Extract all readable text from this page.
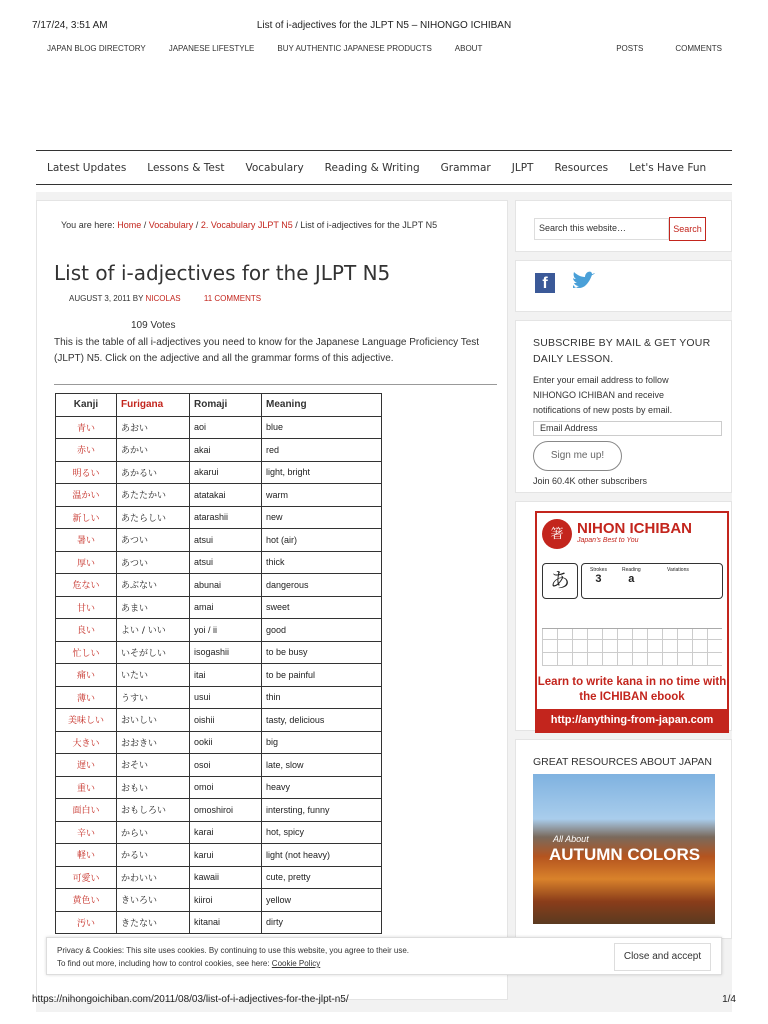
7/17/24, 3:51 AM	List of i-adjectives for the JLPT N5 – NIHONGO ICHIBAN
JAPAN BLOG DIRECTORY	JAPANESE LIFESTYLE	BUY AUTHENTIC JAPANESE PRODUCTS	ABOUT	POSTS	COMMENTS
Latest Updates Lessons & Test Vocabulary Reading & Writing Grammar JLPT Resources Let's Have Fun
You are here: Home / Vocabulary / 2. Vocabulary JLPT N5 / List of i-adjectives for the JLPT N5
List of i-adjectives for the JLPT N5
AUGUST 3, 2011 BY NICOLAS	11 COMMENTS
109 Votes
This is the table of all i-adjectives you need to know for the Japanese Language Proficiency Test (JLPT) N5. Click on the adjective and all the grammar forms of this adjective.
Kanji	Furigana	Romaji	Meaning
青い	あおい	aoi	blue
赤い	あかい	akai	red
明るい	あかるい	akarui	light, bright
温かい	あたたかい	atatakai	warm
新しい	あたらしい	atarashii	new
暑い	あつい	atsui	hot (air)
厚い	あつい	atsui	thick
危ない	あぶない	abunai	dangerous
甘い	あまい	amai	sweet
良い	よい / いい	yoi / ii	good
忙しい	いそがしい	isogashii	to be busy
痛い	いたい	itai	to be painful
薄い	うすい	usui	thin
美味しい	おいしい	oishii	tasty, delicious
大きい	おおきい	ookii	big
遅い	おそい	osoi	late, slow
重い	おもい	omoi	heavy
面白い	おもしろい	omoshiroi	intersting, funny
辛い	からい	karai	hot, spicy
軽い	かるい	karui	light (not heavy)
可愛い	かわいい	kawaii	cute, pretty
黄色い	きいろい	kiiroi	yellow
汚い	きたない	kitanai	dirty
Search this website…	Search
f
SUBSCRIBE BY MAIL & GET YOUR DAILY LESSON.

Enter your email address to follow NIHONGO ICHIBAN and receive notifications of new posts by email.

Email Address
Sign me up!
Join 60.4K other subscribers
箸 NIHON ICHIBAN
Japan's Best to You
あ	Strokes
3
Reading
a
Variations
Learn to write kana in no time with the ICHIBAN ebook
http://anything-from-japan.com
GREAT RESOURCES ABOUT JAPAN
All About
AUTUMN COLORS
Privacy & Cookies: This site uses cookies. By continuing to use this website, you agree to their use.
To find out more, including how to control cookies, see here: Cookie Policy
Close and accept
https://nihongoichiban.com/2011/08/03/list-of-i-adjectives-for-the-jlpt-n5/	1/4
